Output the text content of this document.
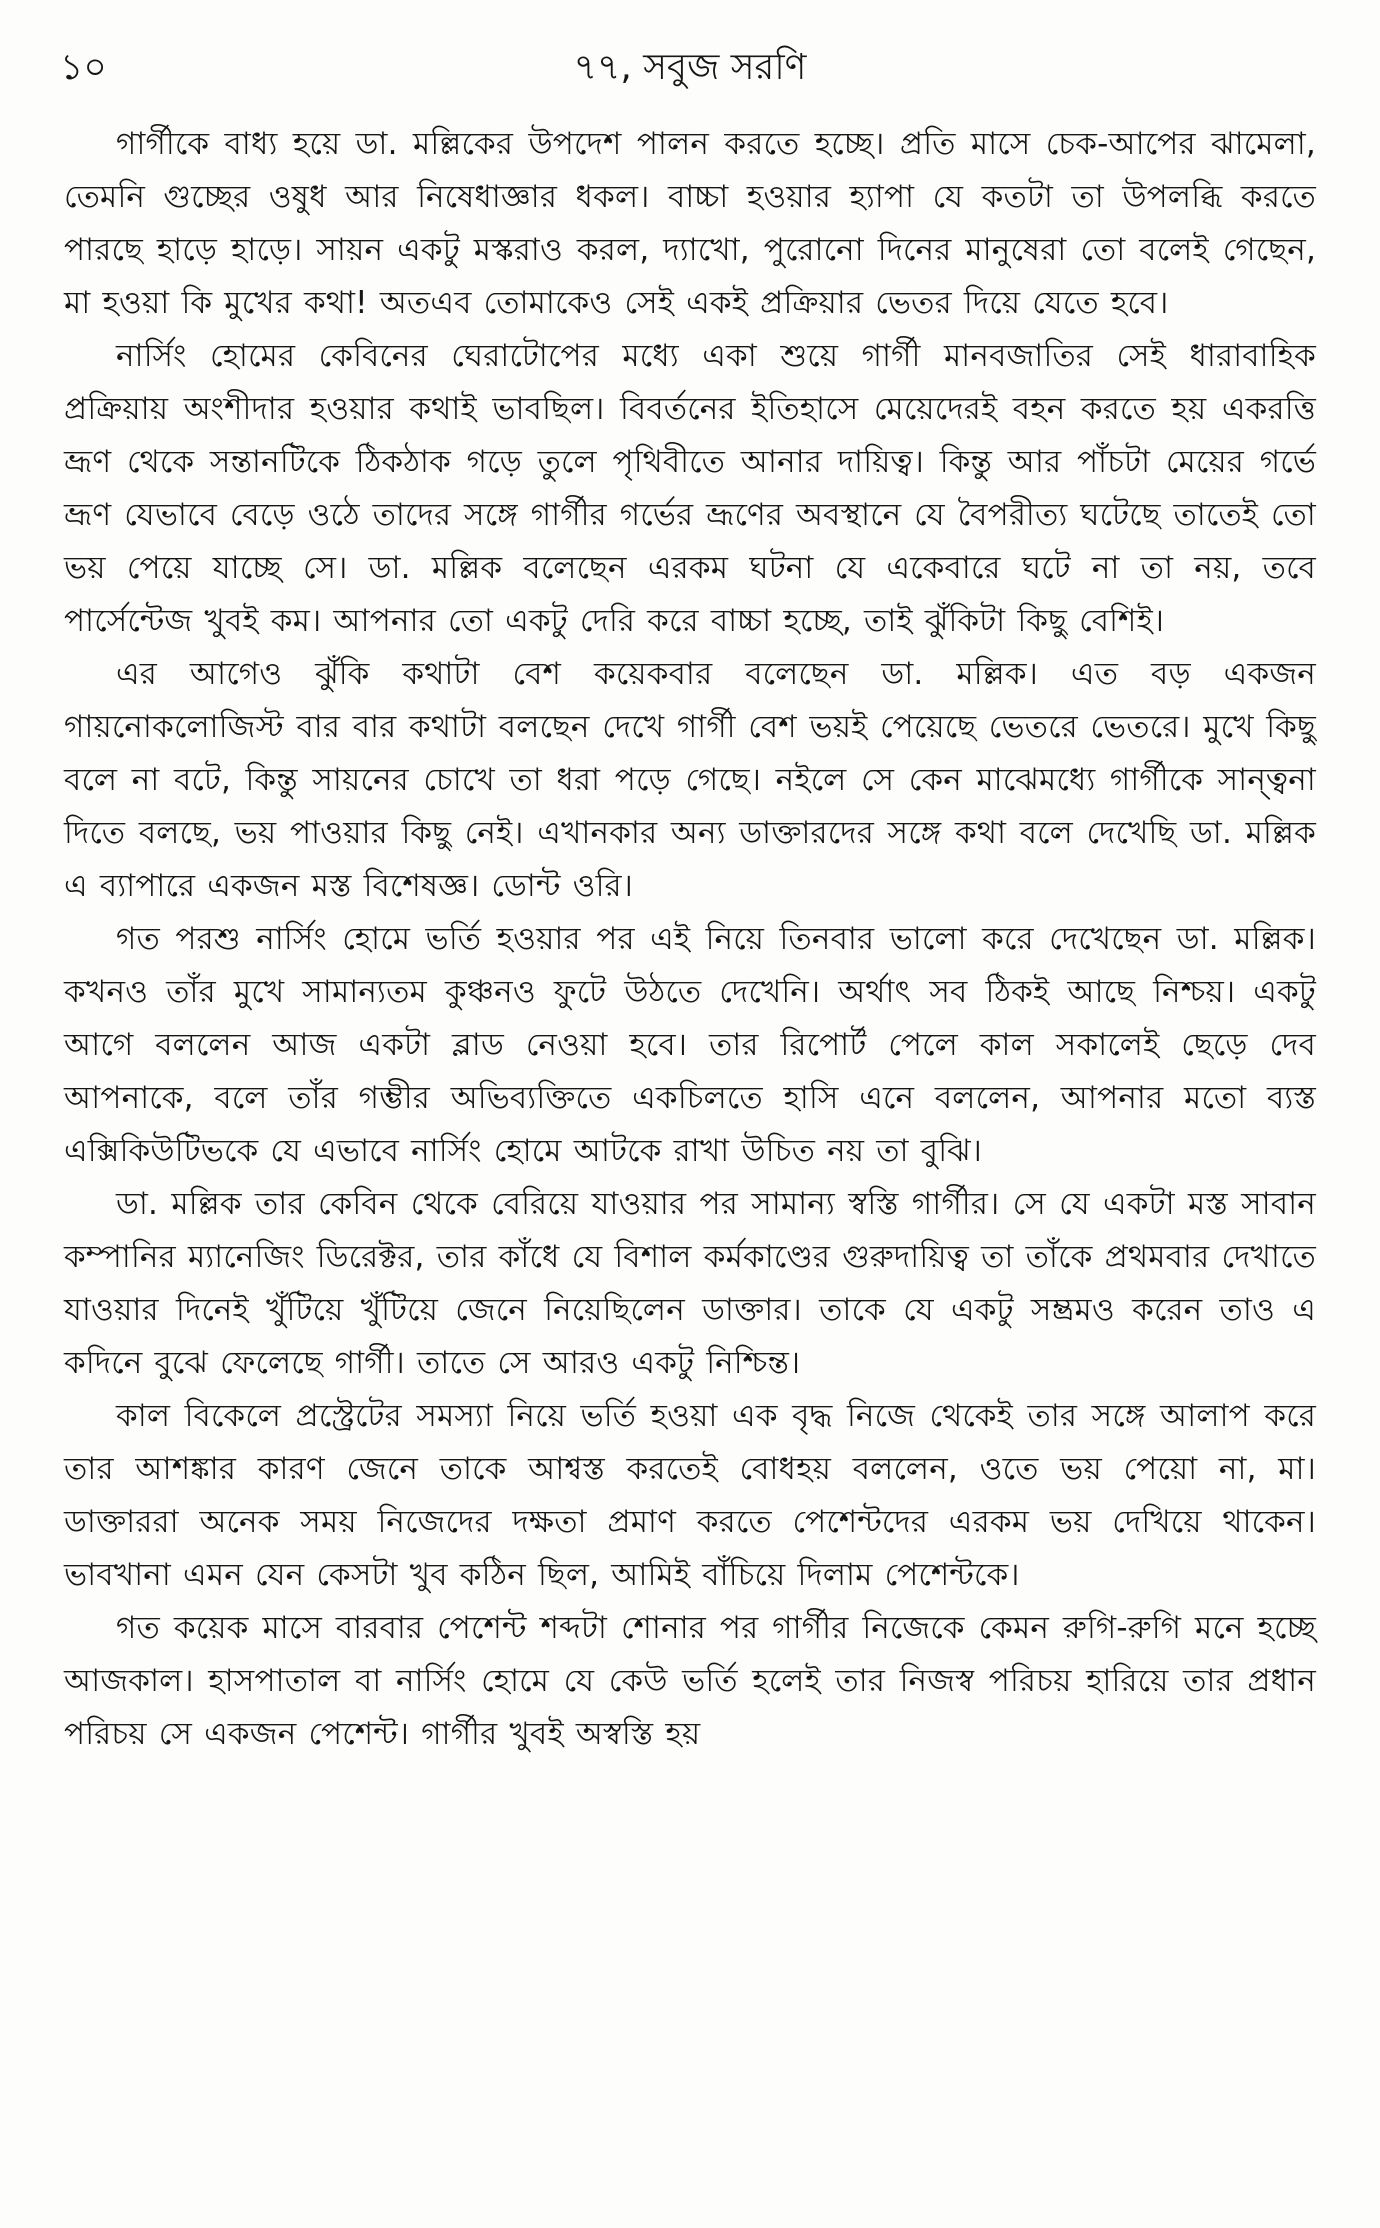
১০	৭৭, সবুজ সরণি

গার্গীকে বাধ্য হয়ে ডা. মল্লিকের উপদেশ পালন করতে হচ্ছে। প্রতি মাসে চেক-আপের ঝামেলা, তেমনি গুচ্ছের ওষুধ আর নিষেধাজ্ঞার ধকল। বাচ্চা হওয়ার হ্যাপা যে কতটা তা উপলব্ধি করতে পারছে হাড়ে হাড়ে। সায়ন একটু মস্করাও করল, দ্যাখো, পুরোনো দিনের মানুষেরা তো বলেই গেছেন, মা হওয়া কি মুখের কথা! অতএব তোমাকেও সেই একই প্রক্রিয়ার ভেতর দিয়ে যেতে হবে।

নার্সিং হোমের কেবিনের ঘেরাটোপের মধ্যে একা শুয়ে গার্গী মানবজাতির সেই ধারাবাহিক প্রক্রিয়ায় অংশীদার হওয়ার কথাই ভাবছিল। বিবর্তনের ইতিহাসে মেয়েদেরই বহন করতে হয় একরত্তি ভ্রূণ থেকে সন্তানটিকে ঠিকঠাক গড়ে তুলে পৃথিবীতে আনার দায়িত্ব। কিন্তু আর পাঁচটা মেয়ের গর্ভে ভ্রূণ যেভাবে বেড়ে ওঠে তাদের সঙ্গে গার্গীর গর্ভের ভ্রূণের অবস্থানে যে বৈপরীত্য ঘটেছে তাতেই তো ভয় পেয়ে যাচ্ছে সে। ডা. মল্লিক বলেছেন এরকম ঘটনা যে একেবারে ঘটে না তা নয়, তবে পার্সেন্টেজ খুবই কম। আপনার তো একটু দেরি করে বাচ্চা হচ্ছে, তাই ঝুঁকিটা কিছু বেশিই।

এর আগেও ঝুঁকি কথাটা বেশ কয়েকবার বলেছেন ডা. মল্লিক। এত বড় একজন গায়নোকলোজিস্ট বার বার কথাটা বলছেন দেখে গার্গী বেশ ভয়ই পেয়েছে ভেতরে ভেতরে। মুখে কিছু বলে না বটে, কিন্তু সায়নের চোখে তা ধরা পড়ে গেছে। নইলে সে কেন মাঝেমধ্যে গার্গীকে সান্ত্বনা দিতে বলছে, ভয় পাওয়ার কিছু নেই। এখানকার অন্য ডাক্তারদের সঙ্গে কথা বলে দেখেছি ডা. মল্লিক এ ব্যাপারে একজন মস্ত বিশেষজ্ঞ। ডোন্ট ওরি।

গত পরশু নার্সিং হোমে ভর্তি হওয়ার পর এই নিয়ে তিনবার ভালো করে দেখেছেন ডা. মল্লিক। কখনও তাঁর মুখে সামান্যতম কুঞ্চনও ফুটে উঠতে দেখেনি। অর্থাৎ সব ঠিকই আছে নিশ্চয়। একটু আগে বললেন আজ একটা ব্লাড নেওয়া হবে। তার রিপোর্ট পেলে কাল সকালেই ছেড়ে দেব আপনাকে, বলে তাঁর গম্ভীর অভিব্যক্তিতে একচিলতে হাসি এনে বললেন, আপনার মতো ব্যস্ত এক্সিকিউটিভকে যে এভাবে নার্সিং হোমে আটকে রাখা উচিত নয় তা বুঝি।

ডা. মল্লিক তার কেবিন থেকে বেরিয়ে যাওয়ার পর সামান্য স্বস্তি গার্গীর। সে যে একটা মস্ত সাবান কম্পানির ম্যানেজিং ডিরেক্টর, তার কাঁধে যে বিশাল কর্মকাণ্ডের গুরুদায়িত্ব তা তাঁকে প্রথমবার দেখাতে যাওয়ার দিনেই খুঁটিয়ে খুঁটিয়ে জেনে নিয়েছিলেন ডাক্তার। তাকে যে একটু সম্ভ্রমও করেন তাও এ কদিনে বুঝে ফেলেছে গার্গী। তাতে সে আরও একটু নিশ্চিন্ত।

কাল বিকেলে প্রস্ট্রেটের সমস্যা নিয়ে ভর্তি হওয়া এক বৃদ্ধ নিজে থেকেই তার সঙ্গে আলাপ করে তার আশঙ্কার কারণ জেনে তাকে আশ্বস্ত করতেই বোধহয় বললেন, ওতে ভয় পেয়ো না, মা। ডাক্তাররা অনেক সময় নিজেদের দক্ষতা প্রমাণ করতে পেশেন্টদের এরকম ভয় দেখিয়ে থাকেন। ভাবখানা এমন যেন কেসটা খুব কঠিন ছিল, আমিই বাঁচিয়ে দিলাম পেশেন্টকে।

গত কয়েক মাসে বারবার পেশেন্ট শব্দটা শোনার পর গার্গীর নিজেকে কেমন রুগি-রুগি মনে হচ্ছে আজকাল। হাসপাতাল বা নার্সিং হোমে যে কেউ ভর্তি হলেই তার নিজস্ব পরিচয় হারিয়ে তার প্রধান পরিচয় সে একজন পেশেন্ট। গার্গীর খুবই অস্বস্তি হয়
